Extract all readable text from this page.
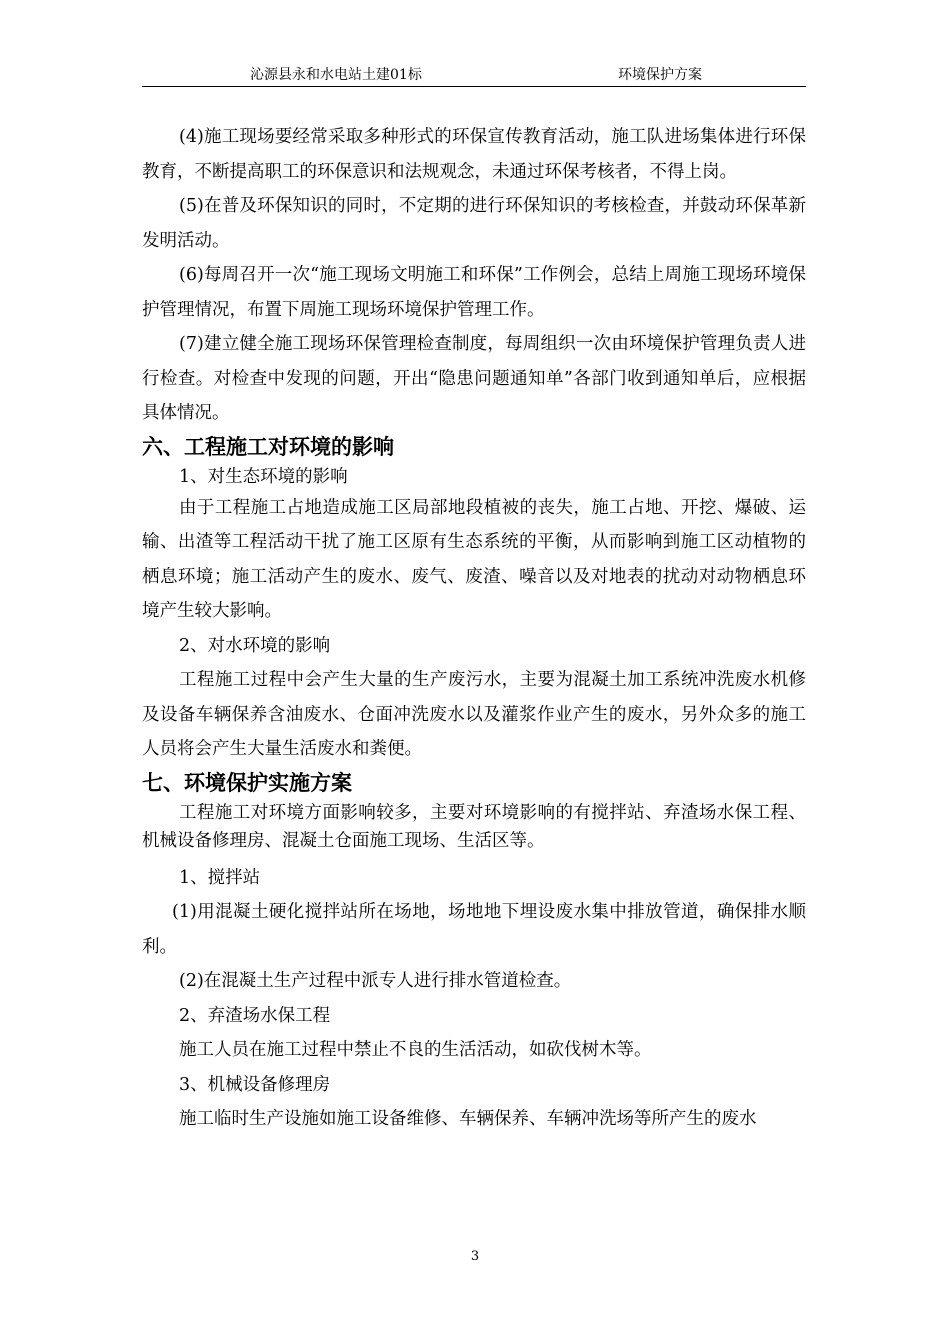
沁源县永和水电站土建01标	环境保护方案

(4)施工现场要经常采取多种形式的环保宣传教育活动，施工队进场集体进行环保教育，不断提高职工的环保意识和法规观念，未通过环保考核者，不得上岗。

(5)在普及环保知识的同时，不定期的进行环保知识的考核检查，并鼓动环保革新发明活动。

(6)每周召开一次“施工现场文明施工和环保”工作例会，总结上周施工现场环境保护管理情况，布置下周施工现场环境保护管理工作。

(7)建立健全施工现场环保管理检查制度，每周组织一次由环境保护管理负责人进行检查。对检查中发现的问题，开出“隐患问题通知单”各部门收到通知单后，应根据具体情况。

六、工程施工对环境的影响

1、对生态环境的影响

由于工程施工占地造成施工区局部地段植被的丧失，施工占地、开挖、爆破、运输、出渣等工程活动干扰了施工区原有生态系统的平衡，从而影响到施工区动植物的栖息环境；施工活动产生的废水、废气、废渣、噪音以及对地表的扰动对动物栖息环境产生较大影响。

2、对水环境的影响

工程施工过程中会产生大量的生产废污水，主要为混凝土加工系统冲洗废水机修及设备车辆保养含油废水、仓面冲洗废水以及灌浆作业产生的废水，另外众多的施工人员将会产生大量生活废水和粪便。

七、环境保护实施方案

工程施工对环境方面影响较多，主要对环境影响的有搅拌站、弃渣场水保工程、机械设备修理房、混凝土仓面施工现场、生活区等。

1、搅拌站

(1)用混凝土硬化搅拌站所在场地，场地地下埋设废水集中排放管道，确保排水顺利。

(2)在混凝土生产过程中派专人进行排水管道检查。

2、弃渣场水保工程

施工人员在施工过程中禁止不良的生活活动，如砍伐树木等。

3、机械设备修理房

施工临时生产设施如施工设备维修、车辆保养、车辆冲洗场等所产生的废水

3
